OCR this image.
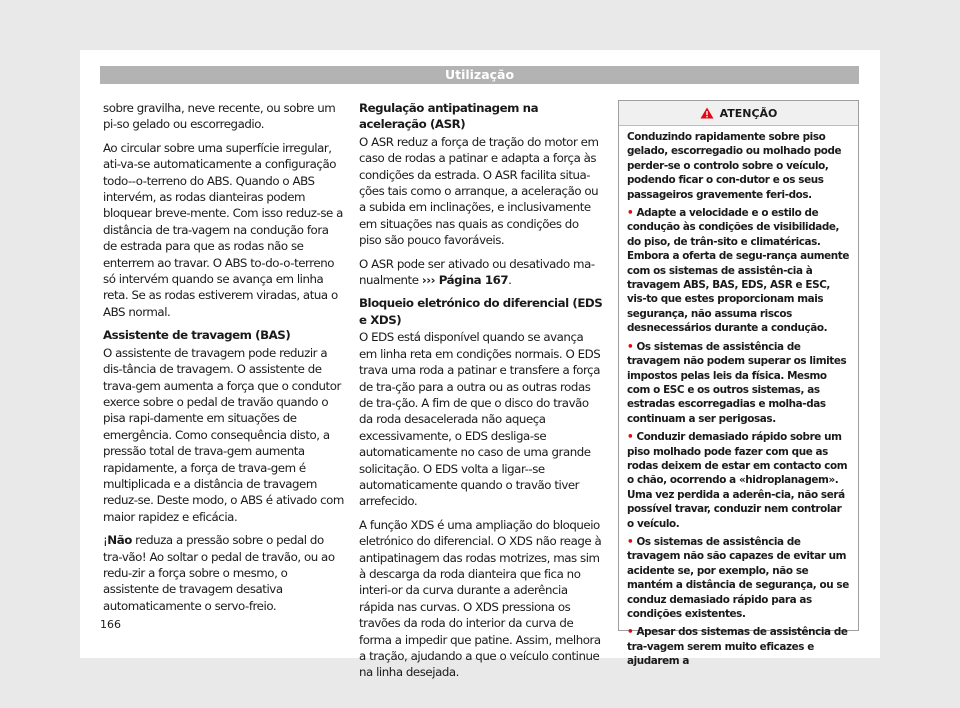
Utilização

sobre gravilha, neve recente, ou sobre um pi-so gelado ou escorregadio.

Ao circular sobre uma superfície irregular, ati-va-se automaticamente a configuração todo--o-terreno do ABS. Quando o ABS intervém, as rodas dianteiras podem bloquear breve-mente. Com isso reduz-se a distância de tra-vagem na condução fora de estrada para que as rodas não se enterrem ao travar. O ABS to-do-o-terreno só intervém quando se avança em linha reta. Se as rodas estiverem viradas, atua o ABS normal.

Assistente de travagem (BAS)

O assistente de travagem pode reduzir a dis-tância de travagem. O assistente de trava-gem aumenta a força que o condutor exerce sobre o pedal de travão quando o pisa rapi-damente em situações de emergência. Como consequência disto, a pressão total de trava-gem aumenta rapidamente, a força de trava-gem é multiplicada e a distância de travagem reduz-se. Deste modo, o ABS é ativado com maior rapidez e eficácia.

¡Não reduza a pressão sobre o pedal do tra-vão! Ao soltar o pedal de travão, ou ao redu-zir a força sobre o mesmo, o assistente de travagem desativa automaticamente o servo-freio.

Regulação antipatinagem na aceleração (ASR)

O ASR reduz a força de tração do motor em caso de rodas a patinar e adapta a força às condições da estrada. O ASR facilita situa-ções tais como o arranque, a aceleração ou a subida em inclinações, e inclusivamente em situações nas quais as condições do piso são pouco favoráveis.

O ASR pode ser ativado ou desativado ma-nualmente ››› Página 167.

Bloqueio eletrónico do diferencial (EDS e XDS)

O EDS está disponível quando se avança em linha reta em condições normais. O EDS trava uma roda a patinar e transfere a força de tra-ção para a outra ou as outras rodas de tra-ção. A fim de que o disco do travão da roda desacelerada não aqueça excessivamente, o EDS desliga-se automaticamente no caso de uma grande solicitação. O EDS volta a ligar--se automaticamente quando o travão tiver arrefecido.

A função XDS é uma ampliação do bloqueio eletrónico do diferencial. O XDS não reage à antipatinagem das rodas motrizes, mas sim à descarga da roda dianteira que fica no interi-or da curva durante a aderência rápida nas curvas. O XDS pressiona os travões da roda do interior da curva de forma a impedir que patine. Assim, melhora a tração, ajudando a que o veículo continue na linha desejada.

ATENÇÃO

Conduzindo rapidamente sobre piso gelado, escorregadio ou molhado pode perder-se o controlo sobre o veículo, podendo ficar o con-dutor e os seus passageiros gravemente feri-dos.

• Adapte a velocidade e o estilo de condução às condições de visibilidade, do piso, de trân-sito e climatéricas. Embora a oferta de segu-rança aumente com os sistemas de assistên-cia à travagem ABS, BAS, EDS, ASR e ESC, vis-to que estes proporcionam mais segurança, não assuma riscos desnecessários durante a condução.

• Os sistemas de assistência de travagem não podem superar os limites impostos pelas leis da física. Mesmo com o ESC e os outros sistemas, as estradas escorregadias e molha-das continuam a ser perigosas.

• Conduzir demasiado rápido sobre um piso molhado pode fazer com que as rodas deixem de estar em contacto com o chão, ocorrendo a «hidroplanagem». Uma vez perdida a aderên-cia, não será possível travar, conduzir nem controlar o veículo.

• Os sistemas de assistência de travagem não são capazes de evitar um acidente se, por exemplo, não se mantém a distância de segurança, ou se conduz demasiado rápido para as condições existentes.

• Apesar dos sistemas de assistência de tra-vagem serem muito eficazes e ajudarem a

166
